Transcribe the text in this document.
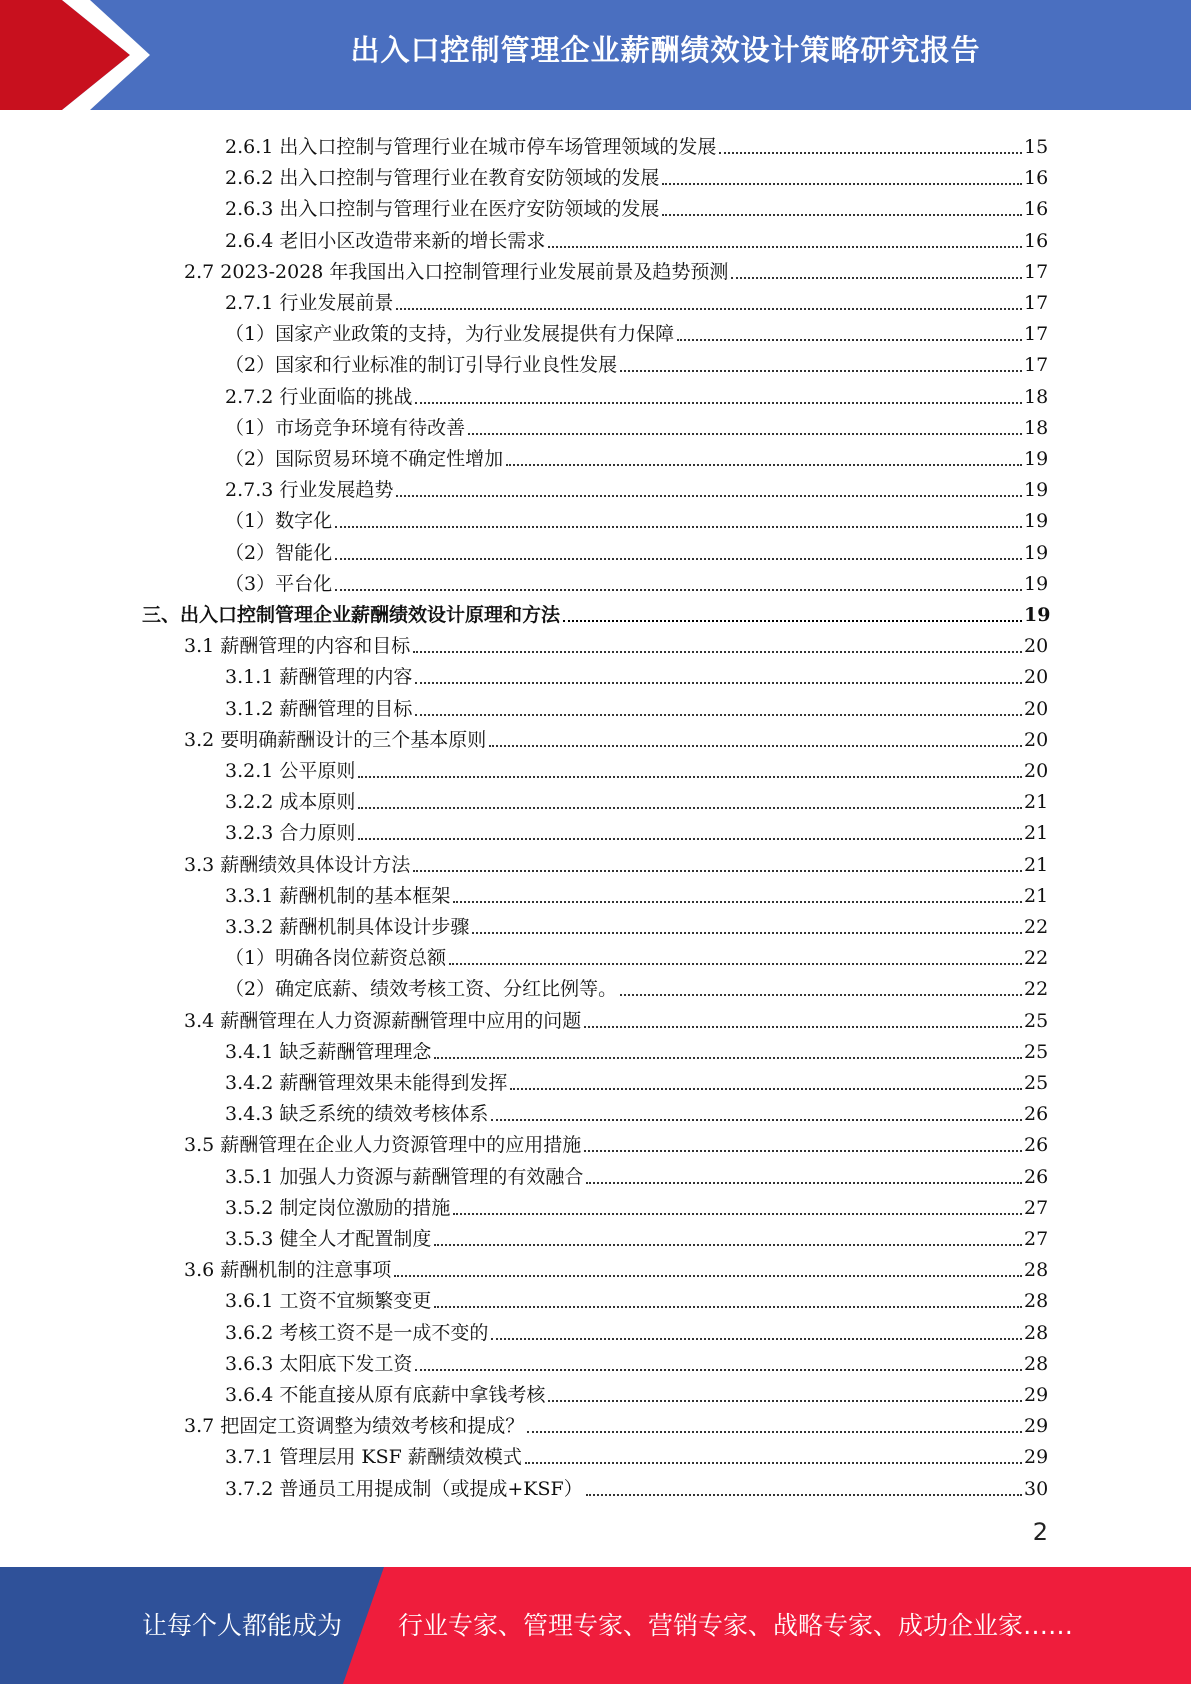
出入口控制管理企业薪酬绩效设计策略研究报告
2.6.1 出入口控制与管理行业在城市停车场管理领域的发展	15
2.6.2 出入口控制与管理行业在教育安防领域的发展	16
2.6.3 出入口控制与管理行业在医疗安防领域的发展	16
2.6.4 老旧小区改造带来新的增长需求	16
2.7 2023-2028 年我国出入口控制管理行业发展前景及趋势预测	17
2.7.1 行业发展前景	17
（1）国家产业政策的支持，为行业发展提供有力保障	17
（2）国家和行业标准的制订引导行业良性发展	17
2.7.2 行业面临的挑战	18
（1）市场竞争环境有待改善	18
（2）国际贸易环境不确定性增加	19
2.7.3 行业发展趋势	19
（1）数字化	19
（2）智能化	19
（3）平台化	19
三、出入口控制管理企业薪酬绩效设计原理和方法	19
3.1 薪酬管理的内容和目标	20
3.1.1 薪酬管理的内容	20
3.1.2 薪酬管理的目标	20
3.2 要明确薪酬设计的三个基本原则	20
3.2.1 公平原则	20
3.2.2 成本原则	21
3.2.3 合力原则	21
3.3 薪酬绩效具体设计方法	21
3.3.1 薪酬机制的基本框架	21
3.3.2 薪酬机制具体设计步骤	22
（1）明确各岗位薪资总额	22
（2）确定底薪、绩效考核工资、分红比例等。	22
3.4 薪酬管理在人力资源薪酬管理中应用的问题	25
3.4.1 缺乏薪酬管理理念	25
3.4.2 薪酬管理效果未能得到发挥	25
3.4.3 缺乏系统的绩效考核体系	26
3.5 薪酬管理在企业人力资源管理中的应用措施	26
3.5.1 加强人力资源与薪酬管理的有效融合	26
3.5.2 制定岗位激励的措施	27
3.5.3 健全人才配置制度	27
3.6 薪酬机制的注意事项	28
3.6.1 工资不宜频繁变更	28
3.6.2 考核工资不是一成不变的	28
3.6.3 太阳底下发工资	28
3.6.4 不能直接从原有底薪中拿钱考核	29
3.7 把固定工资调整为绩效考核和提成？	29
3.7.1 管理层用 KSF 薪酬绩效模式	29
3.7.2 普通员工用提成制（或提成+KSF）	30
2
让每个人都能成为 行业专家、管理专家、营销专家、战略专家、成功企业家……
